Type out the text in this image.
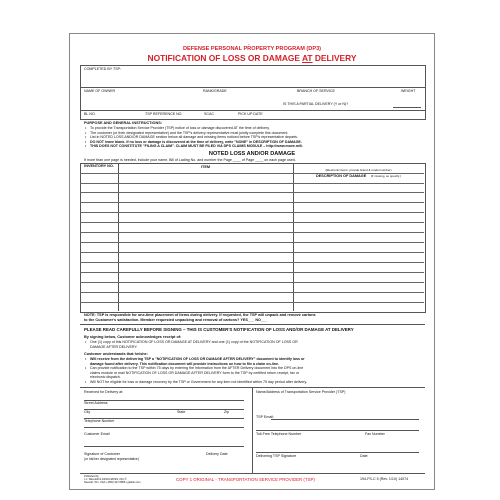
–
DEFENSE PERSONAL PROPERTY PROGRAM (DP3)
NOTIFICATION OF LOSS OR DAMAGE AT DELIVERY
COMPLETED BY TSP:
NAME OF OWNER	RANK/GRADE	BRANCH OF SERVICE	WEIGHT
IS THIS A PARTIAL DELIVERY (Y or N)?
BL NO.	TSP REFERENCE NO.	SCAC	PICK UP DATE
PURPOSE AND GENERAL INSTRUCTIONS:
• To provide the Transportation Service Provider (TSP) notice of loss or damage discovered AT the time of delivery.
• The customer (or their designated representative) and the TSP's delivery representative must jointly complete this document.
• List in NOTED LOSS AND/OR DAMAGE section below all damage and missing items noticed before TSP's representative departs.
• DO NOT leave blank. If no loss or damage is discovered at the time of delivery, write "NONE" in DESCRIPTION OF DAMAGE.
• THIS DOES NOT CONSTITUTE "FILING A CLAIM". CLAIM MUST BE FILED VIA DPS CLAIMS MODULE – http://www.move.mil/.
NOTED LOSS AND/OR DAMAGE
If more than one page is needed, include your name, Bill of Lading No. and number the Page ____ of Page ____ on each page used.
INVENTORY NO.	ITEM
DESCRIPTION OF DAMAGE (If missing, so specify.)
(Electronic items, provide brand & model number)
NOTE: TSP is responsible for one-time placement of items during delivery. If requested, the TSP will unpack and remove cartons
to the Customer's satisfaction. Member requested unpacking and removal of cartons? YES___ NO___
PLEASE READ CAREFULLY BEFORE SIGNING – THIS IS CUSTOMER'S NOTIFICATION OF LOSS AND/OR DAMAGE AT DELIVERY
By signing below, Customer acknowledges receipt of:
• One (1) copy of this NOTIFICATION OF LOSS OR DAMAGE AT DELIVERY and one (1) copy of the NOTIFICATION OF LOSS OR
DAMAGE AFTER DELIVERY.
Customer understands that he/she:
• Will receive from the delivering TSP a "NOTIFICATION OF LOSS OR DAMAGE AFTER DELIVERY" document to identify loss or
damage found after delivery. This notification document will provide instructions on how to file a claim on-line.
• Can provide notification to the TSP within 75 days by entering the information from the AFTER Delivery document into the DPS on-line
claims module or mail NOTIFICATION OF LOSS OR DAMAGE AFTER DELIVERY form to the TSP by certified return receipt, fax or
electronic dispatch.
• Will NOT be eligible for loss or damage recovery by the TSP or Government for any item not identified within 75 day period after delivery.
Received for Delivery at:
Street Address
City	State	Zip
Telephone Number
Customer Email
Signature of Customer	Delivery Date
(or his/her designated representative)
Name/Address of Transportation Service Provider (TSP)
TSP Email:
Toll-Free Telephone Number	Fax Number
Delivering TSP Signature	Date
Published by
J.J. KELLER & ASSOCIATES, INC.®
Neenah, WI • USA • (800) 327-6868 • jjkeller.com
COPY 1 ORIGINAL - TRANSPORTATION SERVICE PROVIDER (TSP)	194-FS-C 5 (Rev. 1/10) 14074
